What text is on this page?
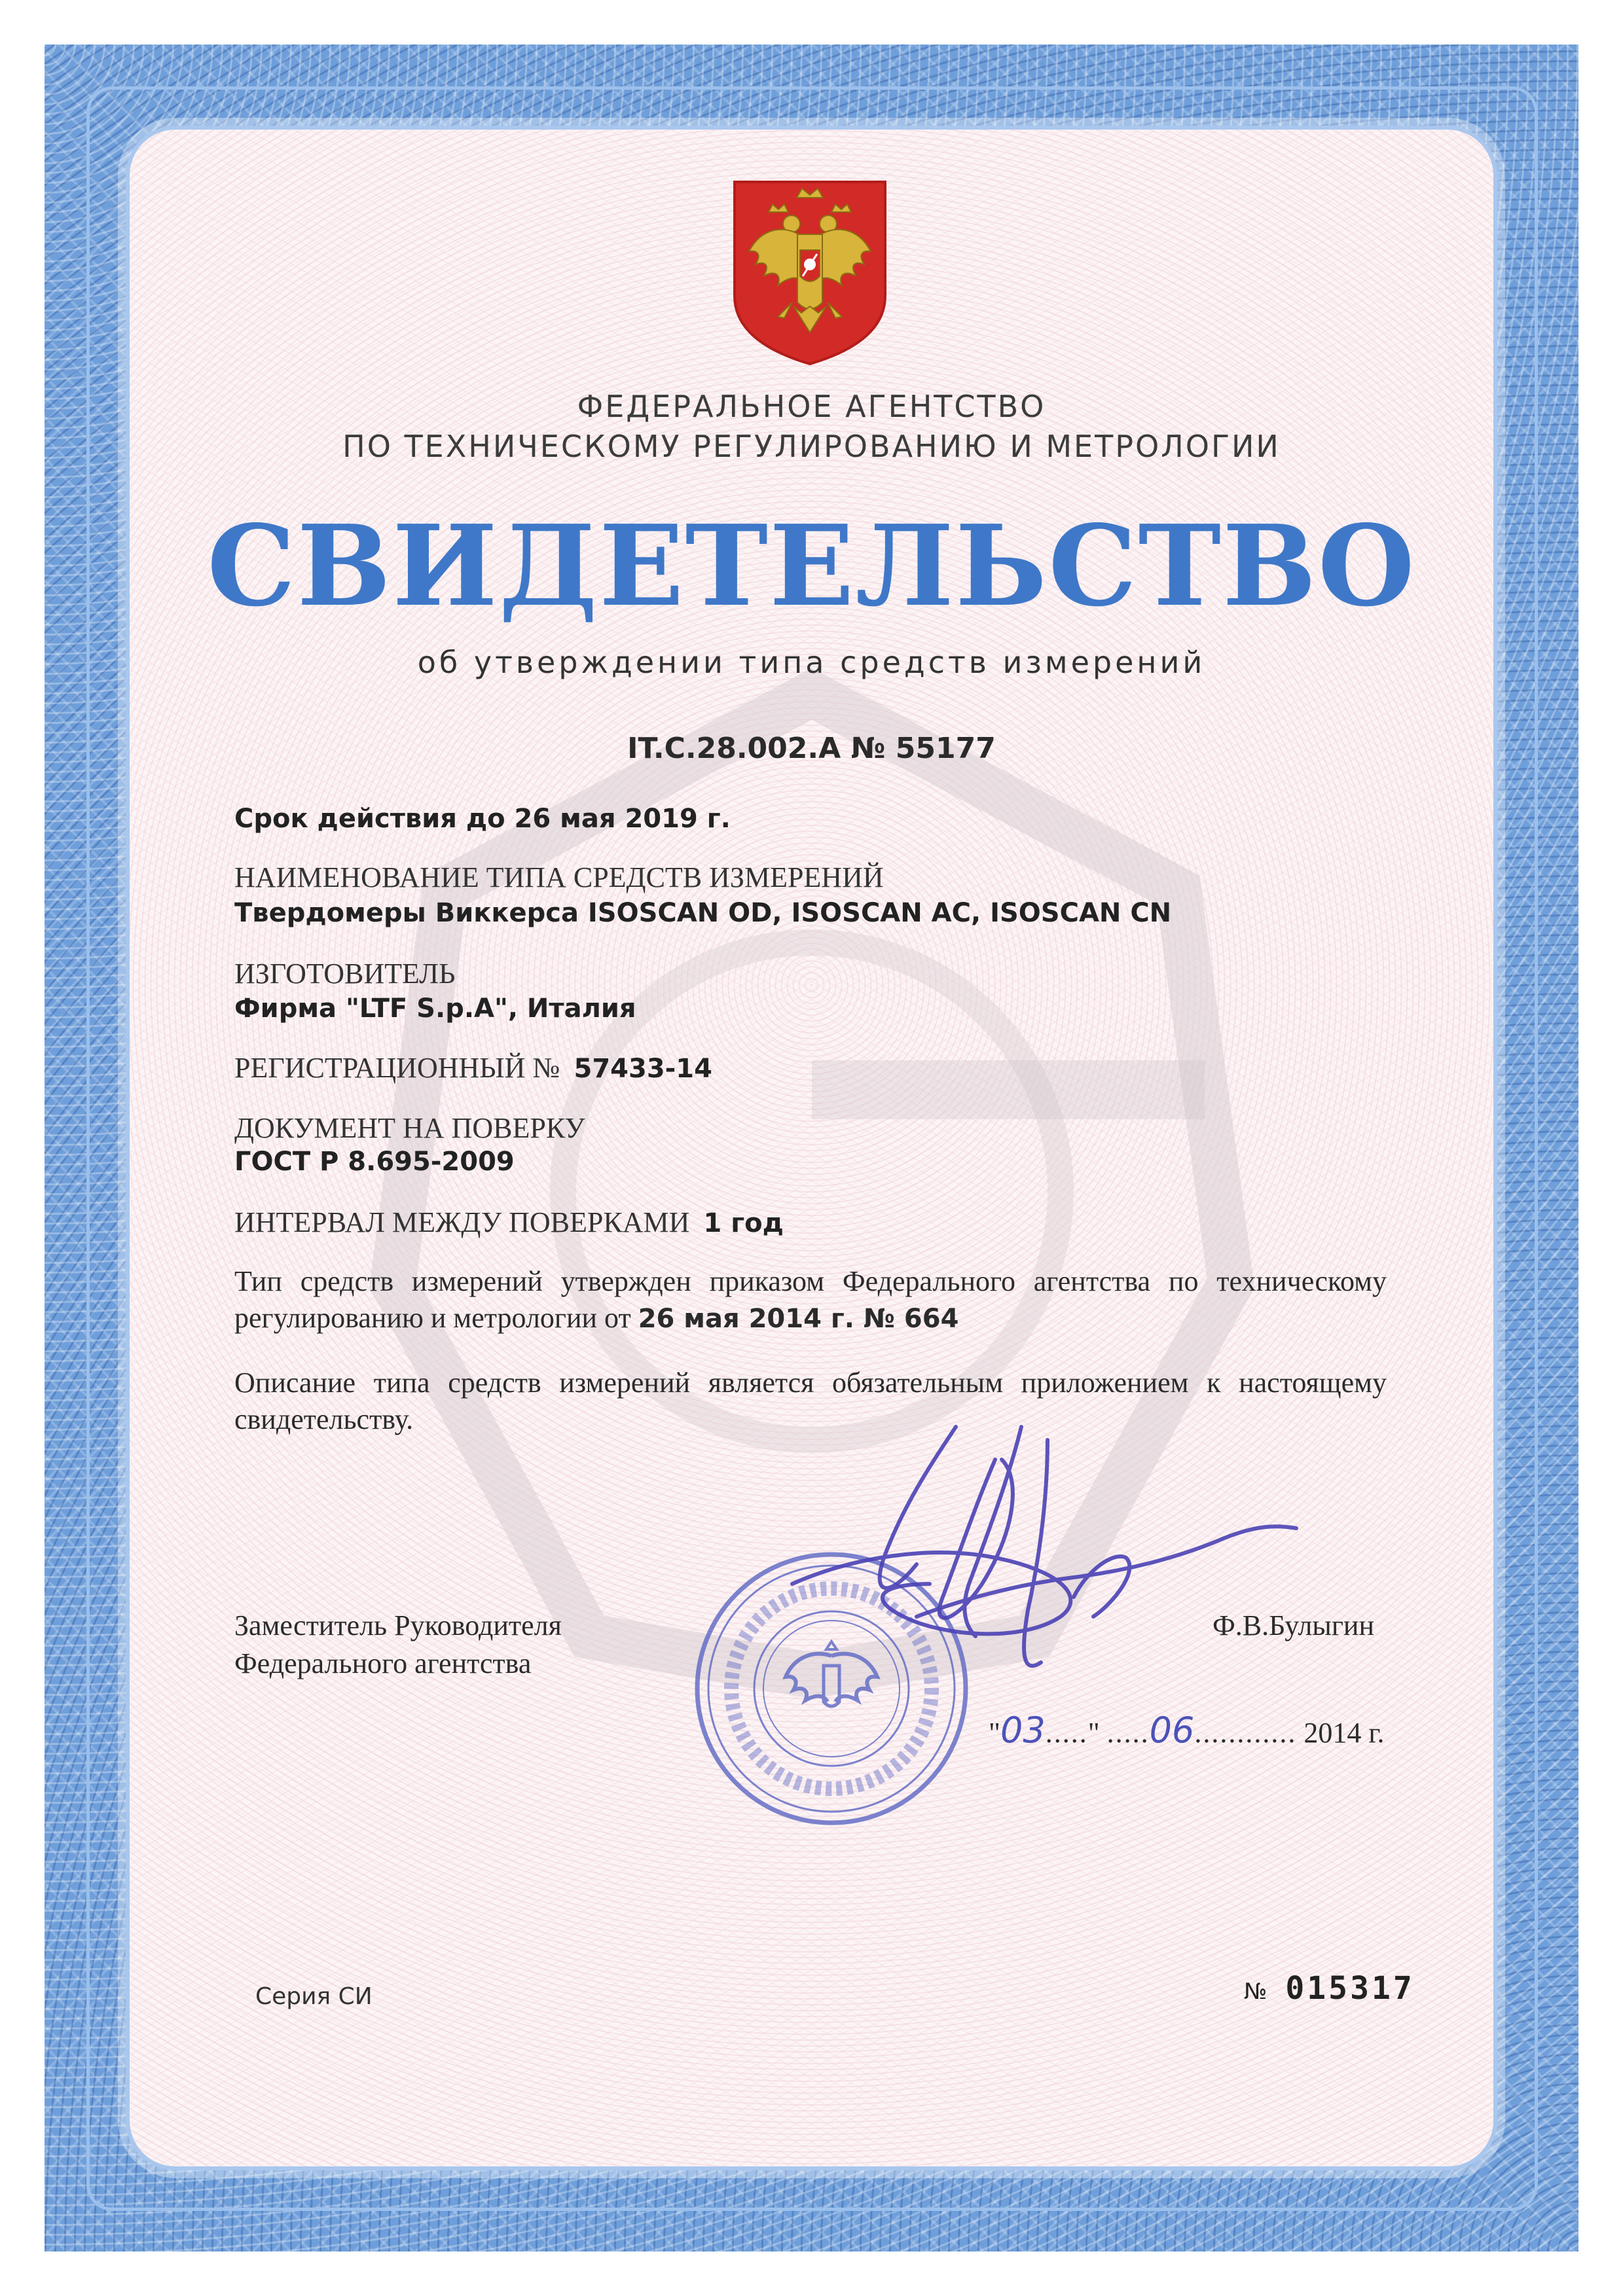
ФЕДЕРАЛЬНОЕ АГЕНТСТВО
ПО ТЕХНИЧЕСКОМУ РЕГУЛИРОВАНИЮ И МЕТРОЛОГИИ
СВИДЕТЕЛЬСТВО
об утверждении типа средств измерений
IT.C.28.002.A № 55177
Срок действия до 26 мая 2019 г.
НАИМЕНОВАНИЕ ТИПА СРЕДСТВ ИЗМЕРЕНИЙ
Твердомеры Виккерса ISOSCAN OD, ISOSCAN AC, ISOSCAN CN
ИЗГОТОВИТЕЛЬ
Фирма "LTF S.p.A", Италия
РЕГИСТРАЦИОННЫЙ № 57433-14
ДОКУМЕНТ НА ПОВЕРКУ
ГОСТ Р 8.695-2009
ИНТЕРВАЛ МЕЖДУ ПОВЕРКАМИ 1 год
Тип средств измерений утвержден приказом Федерального агентства по техническому регулированию и метрологии от 26 мая 2014 г. № 664
Описание типа средств измерений является обязательным приложением к настоящему свидетельству.
Заместитель Руководителя
Федерального агентства
Ф.В.Булыгин
"03....." .....06............ 2014 г.
Серия СИ	№ 015317
